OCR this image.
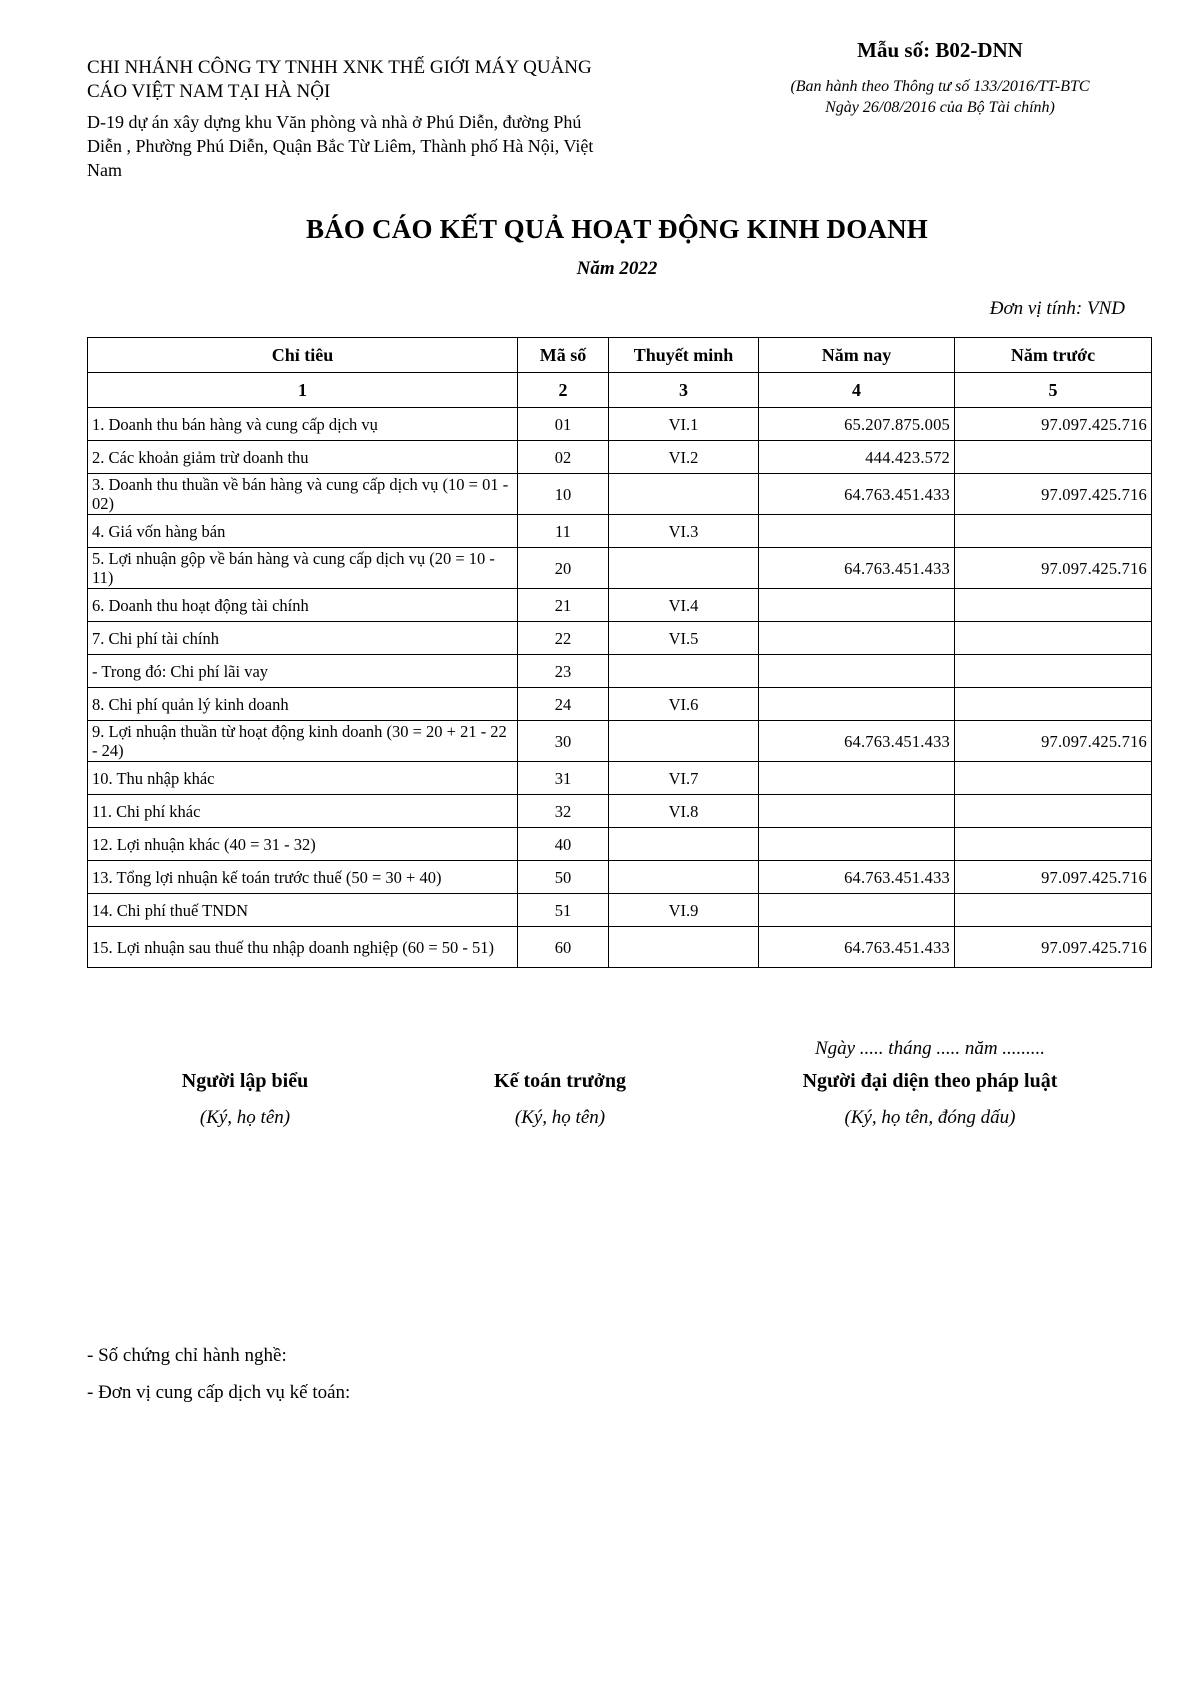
CHI NHÁNH CÔNG TY TNHH XNK THẾ GIỚI MÁY QUẢNG
CÁO VIỆT NAM TẠI HÀ NỘI
D-19 dự án xây dựng khu Văn phòng và nhà ở Phú Diễn, đường Phú
Diễn , Phường Phú Diễn, Quận Bắc Từ Liêm, Thành phố Hà Nội, Việt
Nam
Mẫu số: B02-DNN
(Ban hành theo Thông tư số 133/2016/TT-BTC
Ngày 26/08/2016 của Bộ Tài chính)
BÁO CÁO KẾT QUẢ HOẠT ĐỘNG KINH DOANH
Năm 2022
Đơn vị tính: VND
Chỉ tiêu	Mã số	Thuyết minh	Năm nay	Năm trước
1	2	3	4	5
1. Doanh thu bán hàng và cung cấp dịch vụ	01	VI.1	65.207.875.005	97.097.425.716
2. Các khoản giảm trừ doanh thu	02	VI.2	444.423.572	
3. Doanh thu thuần về bán hàng và cung cấp dịch vụ (10 = 01 - 02)	10		64.763.451.433	97.097.425.716
4. Giá vốn hàng bán	11	VI.3		
5. Lợi nhuận gộp về bán hàng và cung cấp dịch vụ (20 = 10 - 11)	20		64.763.451.433	97.097.425.716
6. Doanh thu hoạt động tài chính	21	VI.4		
7. Chi phí tài chính	22	VI.5		
- Trong đó: Chi phí lãi vay	23			
8. Chi phí quản lý kinh doanh	24	VI.6		
9. Lợi nhuận thuần từ hoạt động kinh doanh (30 = 20 + 21 - 22 - 24)	30		64.763.451.433	97.097.425.716
10. Thu nhập khác	31	VI.7		
11. Chi phí khác	32	VI.8		
12. Lợi nhuận khác (40 = 31 - 32)	40			
13. Tổng lợi nhuận kế toán trước thuế (50 = 30 + 40)	50		64.763.451.433	97.097.425.716
14. Chi phí thuế TNDN	51	VI.9		
15. Lợi nhuận sau thuế thu nhập doanh nghiệp (60 = 50 - 51)	60		64.763.451.433	97.097.425.716
Ngày ..... tháng ..... năm .........
Người lập biểu
(Ký, họ tên)
Kế toán trưởng
(Ký, họ tên)
Người đại diện theo pháp luật
(Ký, họ tên, đóng dấu)
- Số chứng chỉ hành nghề:
- Đơn vị cung cấp dịch vụ kế toán:
